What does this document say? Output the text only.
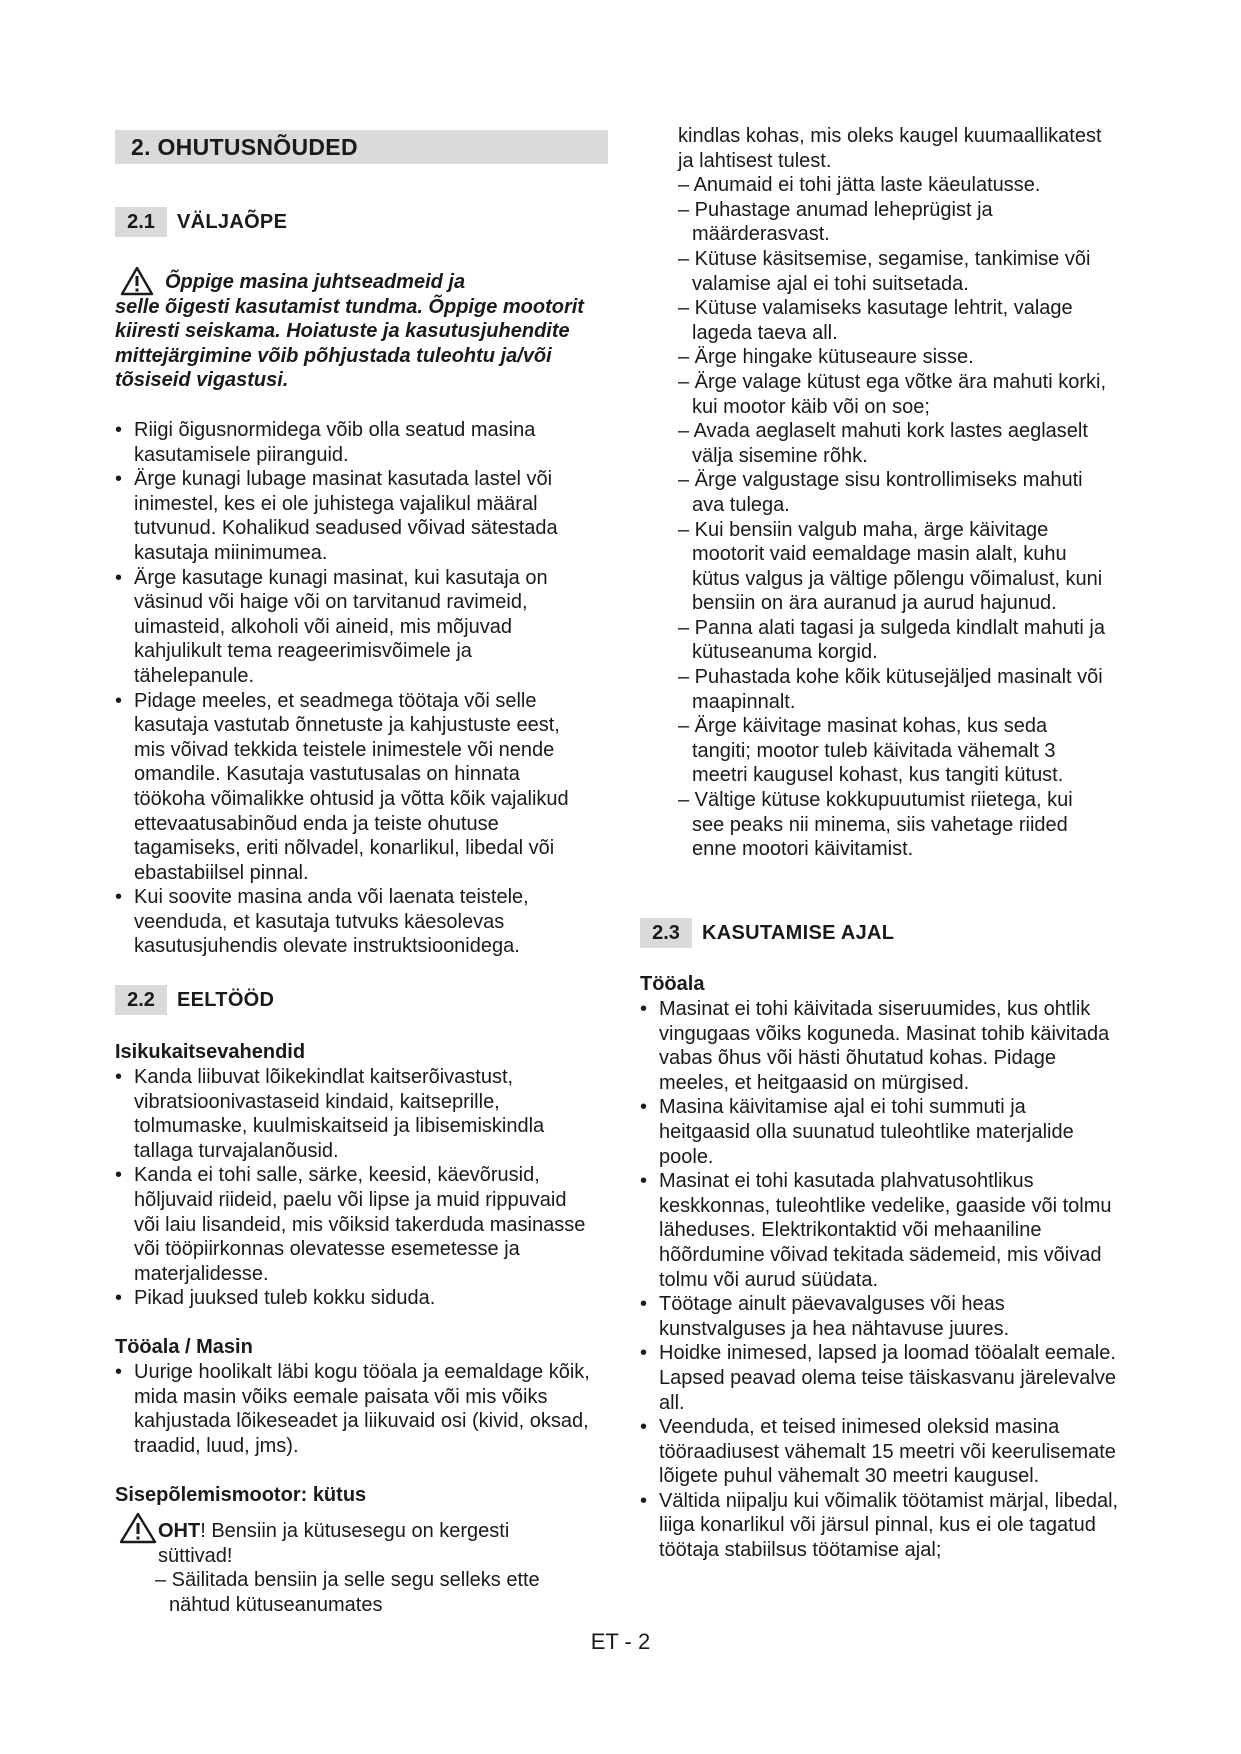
2. OHUTUSNÕUDED
2.1 VÄLJAÕPE
Õppige masina juhtseadmeid ja
selle õigesti kasutamist tundma. Õppige mootorit kiiresti seiskama. Hoiatuste ja kasutusjuhendite mittejärgimine võib põhjustada tuleohtu ja/või tõsiseid vigastusi.
• Riigi õigusnormidega võib olla seatud masina kasutamisele piiranguid.
• Ärge kunagi lubage masinat kasutada lastel või inimestel, kes ei ole juhistega vajalikul määral tutvunud. Kohalikud seadused võivad sätestada kasutaja miinimumea.
• Ärge kasutage kunagi masinat, kui kasutaja on väsinud või haige või on tarvitanud ravimeid, uimasteid, alkoholi või aineid, mis mõjuvad kahjulikult tema reageerimisvõimele ja tähelepanule.
• Pidage meeles, et seadmega töötaja või selle kasutaja vastutab õnnetuste ja kahjustuste eest, mis võivad tekkida teistele inimestele või nende omandile. Kasutaja vastutusalas on hinnata töökoha võimalikke ohtusid ja võtta kõik vajalikud ettevaatusabinõud enda ja teiste ohutuse tagamiseks, eriti nõlvadel, konarlikul, libedal või ebastabiilsel pinnal.
• Kui soovite masina anda või laenata teistele, veenduda, et kasutaja tutvuks käesolevas kasutusjuhendis olevate instruktsioonidega.
2.2 EELTÖÖD
Isikukaitsevahendid
• Kanda liibuvat lõikekindlat kaitserõivastust, vibratsioonivastaseid kindaid, kaitseprille, tolmumaske, kuulmiskaitseid ja libisemiskindla tallaga turvajalanõusid.
• Kanda ei tohi salle, särke, keesid, käevõrusid, hõljuvaid riideid, paelu või lipse ja muid rippuvaid või laiu lisandeid, mis võiksid takerduda masinasse või tööpiirkonnas olevatesse esemetesse ja materjalidesse.
• Pikad juuksed tuleb kokku siduda.
Tööala / Masin
• Uurige hoolikalt läbi kogu tööala ja eemaldage kõik, mida masin võiks eemale paisata või mis võiks kahjustada lõikeseadet ja liikuvaid osi (kivid, oksad, traadid, luud, jms).
Sisepõlemismootor: kütus
OHT! Bensiin ja kütusesegu on kergesti süttivad!
– Säilitada bensiin ja selle segu selleks ette nähtud kütuseanumates
kindlas kohas, mis oleks kaugel kuumaallikatest ja lahtisest tulest.
– Anumaid ei tohi jätta laste käeulatusse.
– Puhastage anumad leheprügist ja määrderasvast.
– Kütuse käsitsemise, segamise, tankimise või valamise ajal ei tohi suitsetada.
– Kütuse valamiseks kasutage lehtrit, valage lageda taeva all.
– Ärge hingake kütuseaure sisse.
– Ärge valage kütust ega võtke ära mahuti korki, kui mootor käib või on soe;
– Avada aeglaselt mahuti kork lastes aeglaselt välja sisemine rõhk.
– Ärge valgustage sisu kontrollimiseks mahuti ava tulega.
– Kui bensiin valgub maha, ärge käivitage mootorit vaid eemaldage masin alalt, kuhu kütus valgus ja vältige põlengu võimalust, kuni bensiin on ära auranud ja aurud hajunud.
– Panna alati tagasi ja sulgeda kindlalt mahuti ja kütuseanuma korgid.
– Puhastada kohe kõik kütusejäljed masinalt või maapinnalt.
– Ärge käivitage masinat kohas, kus seda tangiti; mootor tuleb käivitada vähemalt 3 meetri kaugusel kohast, kus tangiti kütust.
– Vältige kütuse kokkupuutumist riietega, kui see peaks nii minema, siis vahetage riided enne mootori käivitamist.
2.3 KASUTAMISE AJAL
Tööala
• Masinat ei tohi käivitada siseruumides, kus ohtlik vingugaas võiks koguneda. Masinat tohib käivitada vabas õhus või hästi õhutatud kohas. Pidage meeles, et heitgaasid on mürgised.
• Masina käivitamise ajal ei tohi summuti ja heitgaasid olla suunatud tuleohtlike materjalide poole.
• Masinat ei tohi kasutada plahvatusohtlikus keskkonnas, tuleohtlike vedelike, gaaside või tolmu läheduses. Elektrikontaktid või mehaaniline hõõrdumine võivad tekitada sädemeid, mis võivad tolmu või aurud süüdata.
• Töötage ainult päevavalguses või heas kunstvalguses ja hea nähtavuse juures.
• Hoidke inimesed, lapsed ja loomad tööalalt eemale. Lapsed peavad olema teise täiskasvanu järelevalve all.
• Veenduda, et teised inimesed oleksid masina tööraadiusest vähemalt 15 meetri või keerulisemate lõigete puhul vähemalt 30 meetri kaugusel.
• Vältida niipalju kui võimalik töötamist märjal, libedal, liiga konarlikul või järsul pinnal, kus ei ole tagatud töötaja stabiilsus töötamise ajal;
ET - 2
